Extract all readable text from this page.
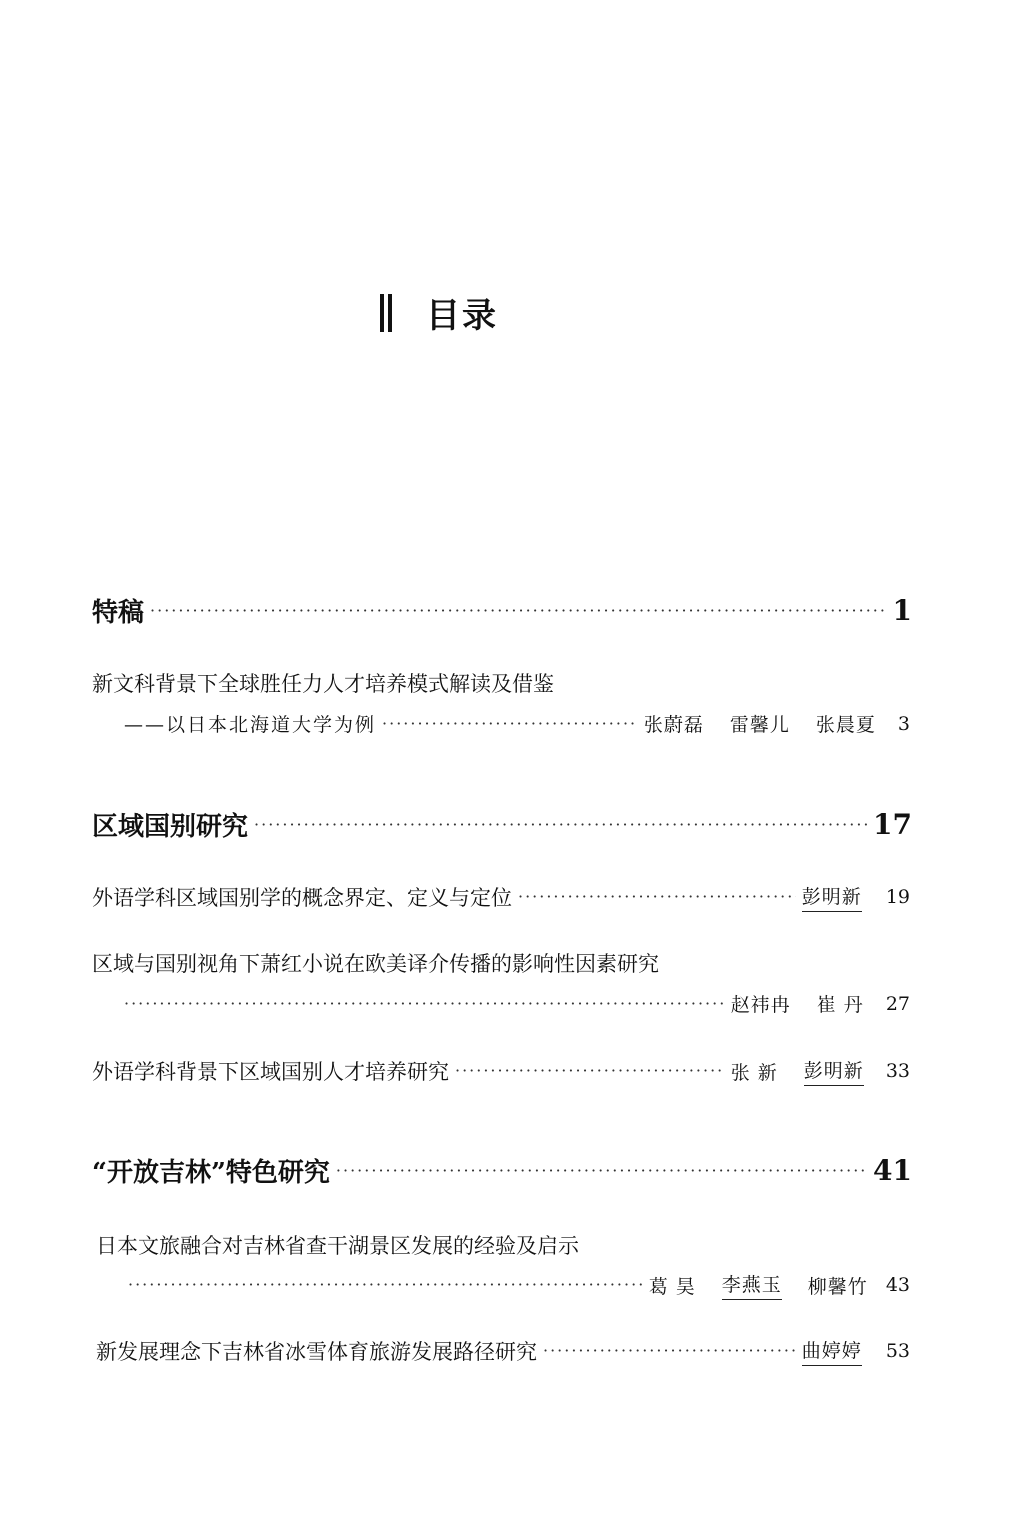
目录
特稿 ·····	1
新文科背景下全球胜任力人才培养模式解读及借鉴
——以日本北海道大学为例 ·····	张蔚磊 雷馨儿 张晨夏 3
区域国别研究 ·····	17
外语学科区域国别学的概念界定、定义与定位 ·····	彭明新 19
区域与国别视角下萧红小说在欧美译介传播的影响性因素研究
·····
赵祎冉 崔 丹 27
外语学科背景下区域国别人才培养研究 ·····	张 新 彭明新 33
“开放吉林”特色研究 ·····	41
日本文旅融合对吉林省查干湖景区发展的经验及启示
·····
葛 昊 李燕玉 柳馨竹 43
新发展理念下吉林省冰雪体育旅游发展路径研究 ·····	曲婷婷 53
